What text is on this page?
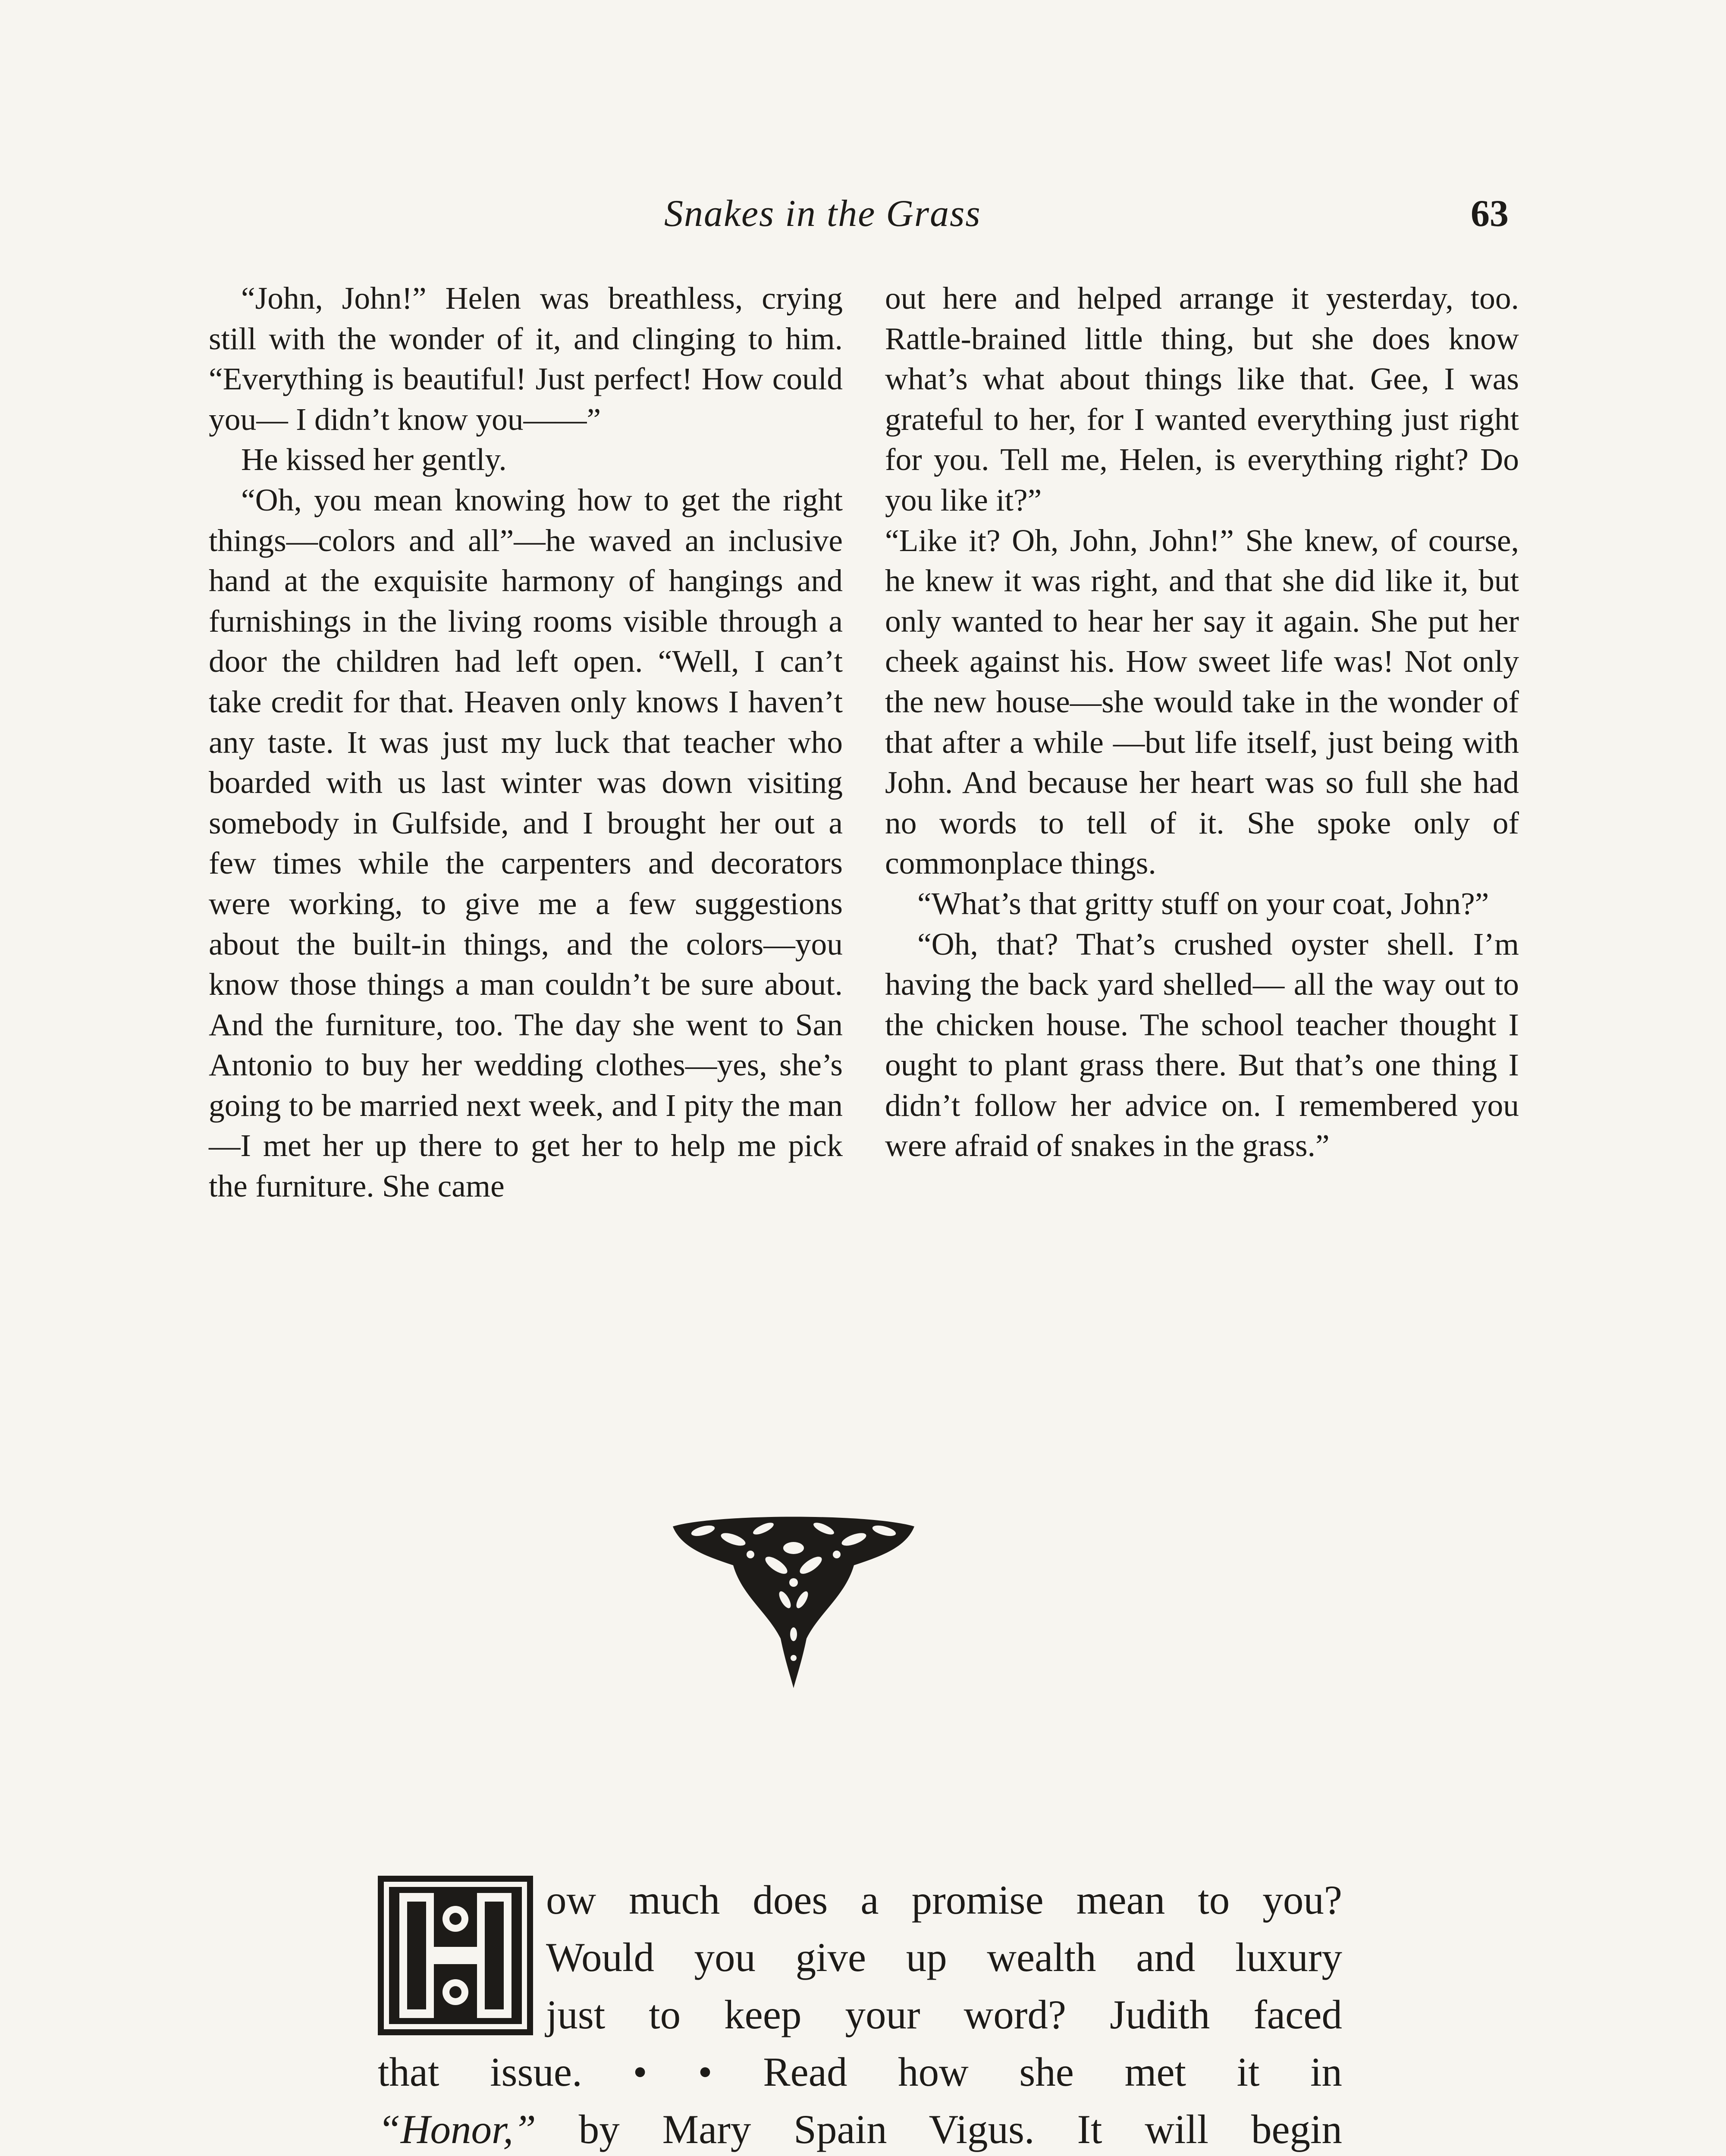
Snakes in the Grass	63

“John, John!” Helen was breathless, crying still with the wonder of it, and clinging to him. “Everything is beautiful! Just perfect! How could you— I didn’t know you——”

He kissed her gently.

“Oh, you mean knowing how to get the right things—colors and all”—he waved an inclusive hand at the exquisite harmony of hangings and furnishings in the living rooms visible through a door the children had left open. “Well, I can’t take credit for that. Heaven only knows I haven’t any taste. It was just my luck that teacher who boarded with us last winter was down visiting somebody in Gulfside, and I brought her out a few times while the carpenters and decorators were working, to give me a few suggestions about the built-in things, and the colors—you know those things a man couldn’t be sure about. And the furniture, too. The day she went to San Antonio to buy her wedding clothes—yes, she’s going to be married next week, and I pity the man—I met her up there to get her to help me pick the furniture. She came

out here and helped arrange it yesterday, too. Rattle-brained little thing, but she does know what’s what about things like that. Gee, I was grateful to her, for I wanted everything just right for you. Tell me, Helen, is everything right? Do you like it?”

“Like it? Oh, John, John!” She knew, of course, he knew it was right, and that she did like it, but only wanted to hear her say it again. She put her cheek against his. How sweet life was! Not only the new house—she would take in the wonder of that after a while —but life itself, just being with John. And because her heart was so full she had no words to tell of it. She spoke only of commonplace things.

“What’s that gritty stuff on your coat, John?”

“Oh, that? That’s crushed oyster shell. I’m having the back yard shelled— all the way out to the chicken house. The school teacher thought I ought to plant grass there. But that’s one thing I didn’t follow her advice on. I remembered you were afraid of snakes in the grass.”

ow much does a promise mean to you?
Would you give up wealth and luxury
just to keep your word? Judith faced
that issue. • • Read how she met it in
“Honor,” by Mary Spain Vigus. It will begin
